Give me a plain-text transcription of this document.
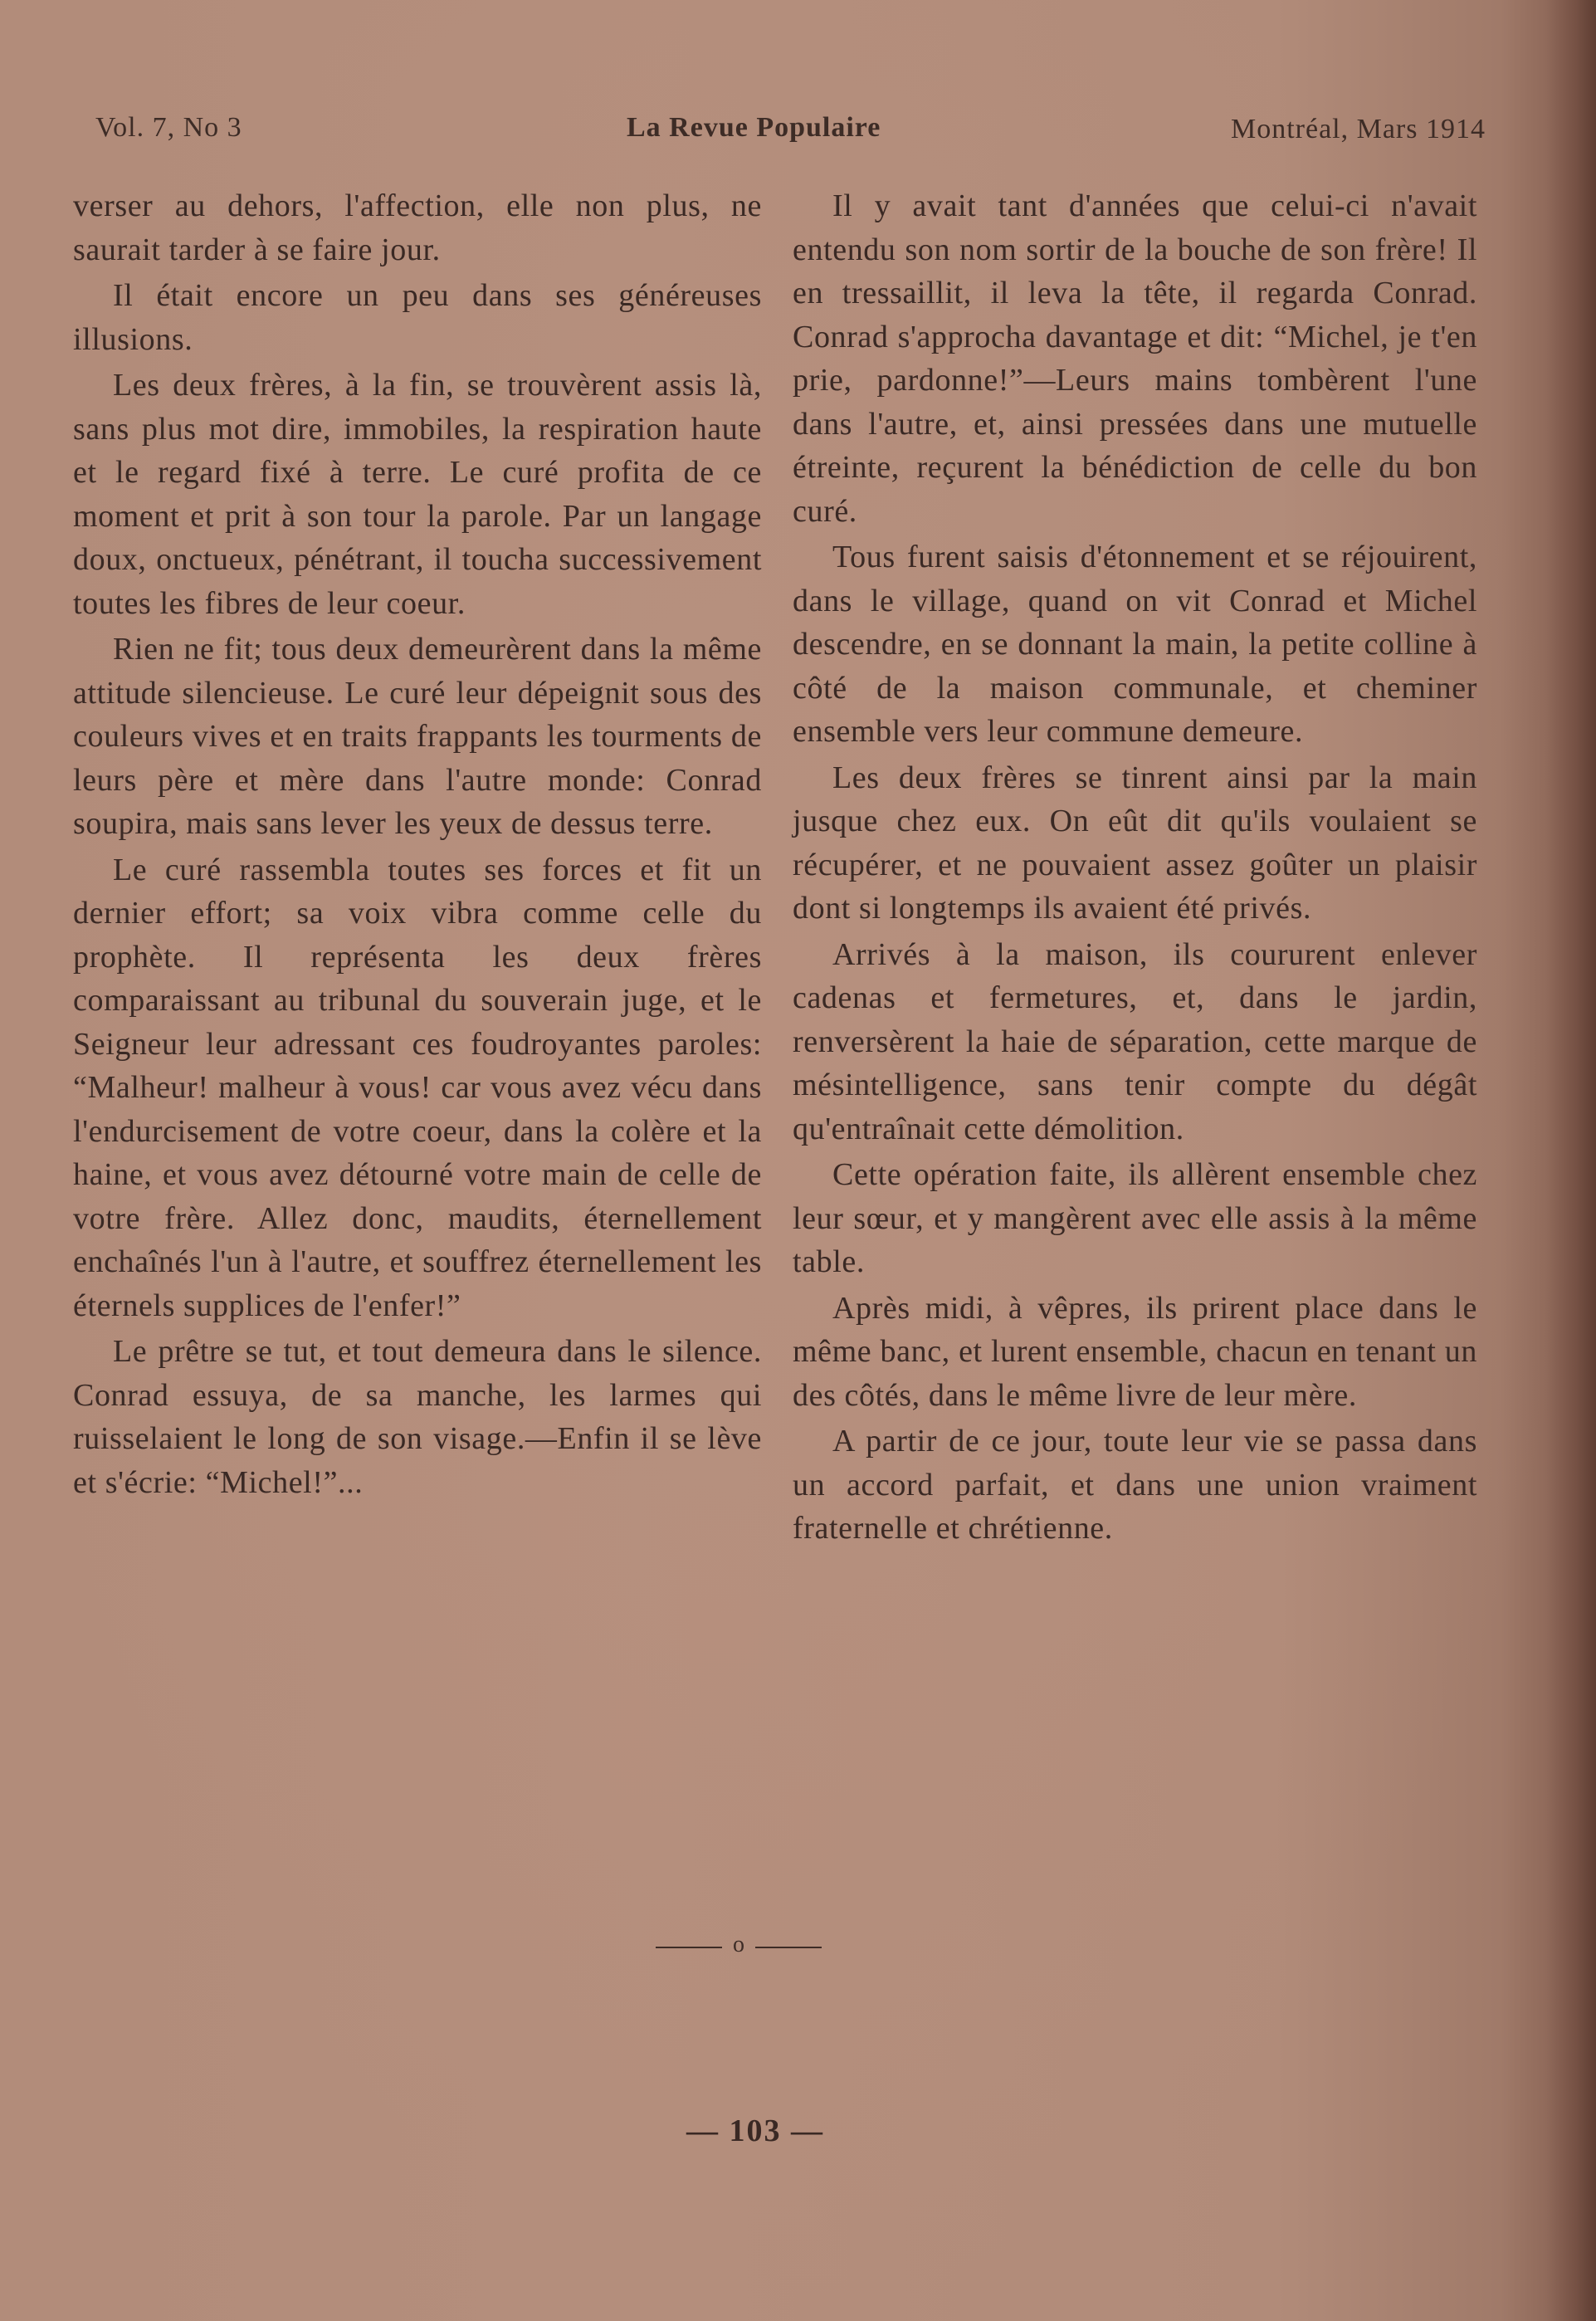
Vol. 7, No 3	La Revue Populaire	Montréal, Mars 1914

verser au dehors, l'affection, elle non plus, ne saurait tarder à se faire jour.

Il était encore un peu dans ses généreuses illusions.

Les deux frères, à la fin, se trouvèrent assis là, sans plus mot dire, immobiles, la respiration haute et le regard fixé à terre. Le curé profita de ce moment et prit à son tour la parole. Par un langage doux, onctueux, pénétrant, il toucha successivement toutes les fibres de leur coeur.

Rien ne fit; tous deux demeurèrent dans la même attitude silencieuse. Le curé leur dépeignit sous des couleurs vives et en traits frappants les tourments de leurs père et mère dans l'autre monde: Conrad soupira, mais sans lever les yeux de dessus terre.

Le curé rassembla toutes ses forces et fit un dernier effort; sa voix vibra comme celle du prophète. Il représenta les deux frères comparaissant au tribunal du souverain juge, et le Seigneur leur adressant ces foudroyantes paroles: “Malheur! malheur à vous! car vous avez vécu dans l'endurcisement de votre coeur, dans la colère et la haine, et vous avez détourné votre main de celle de votre frère. Allez donc, maudits, éternellement enchaînés l'un à l'autre, et souffrez éternellement les éternels supplices de l'enfer!”

Le prêtre se tut, et tout demeura dans le silence. Conrad essuya, de sa manche, les larmes qui ruisselaient le long de son visage.—Enfin il se lève et s'écrie: “Michel!”...

Il y avait tant d'années que celui-ci n'avait entendu son nom sortir de la bouche de son frère! Il en tressaillit, il leva la tête, il regarda Conrad. Conrad s'approcha davantage et dit: “Michel, je t'en prie, pardonne!”—Leurs mains tombèrent l'une dans l'autre, et, ainsi pressées dans une mutuelle étreinte, reçurent la bénédiction de celle du bon curé.

Tous furent saisis d'étonnement et se réjouirent, dans le village, quand on vit Conrad et Michel descendre, en se donnant la main, la petite colline à côté de la maison communale, et cheminer ensemble vers leur commune demeure.

Les deux frères se tinrent ainsi par la main jusque chez eux. On eût dit qu'ils voulaient se récupérer, et ne pouvaient assez goûter un plaisir dont si longtemps ils avaient été privés.

Arrivés à la maison, ils coururent enlever cadenas et fermetures, et, dans le jardin, renversèrent la haie de séparation, cette marque de mésintelligence, sans tenir compte du dégât qu'entraînait cette démolition.

Cette opération faite, ils allèrent ensemble chez leur sœur, et y mangèrent avec elle assis à la même table.

Après midi, à vêpres, ils prirent place dans le même banc, et lurent ensemble, chacun en tenant un des côtés, dans le même livre de leur mère.

A partir de ce jour, toute leur vie se passa dans un accord parfait, et dans une union vraiment fraternelle et chrétienne.

o
— 103 —
